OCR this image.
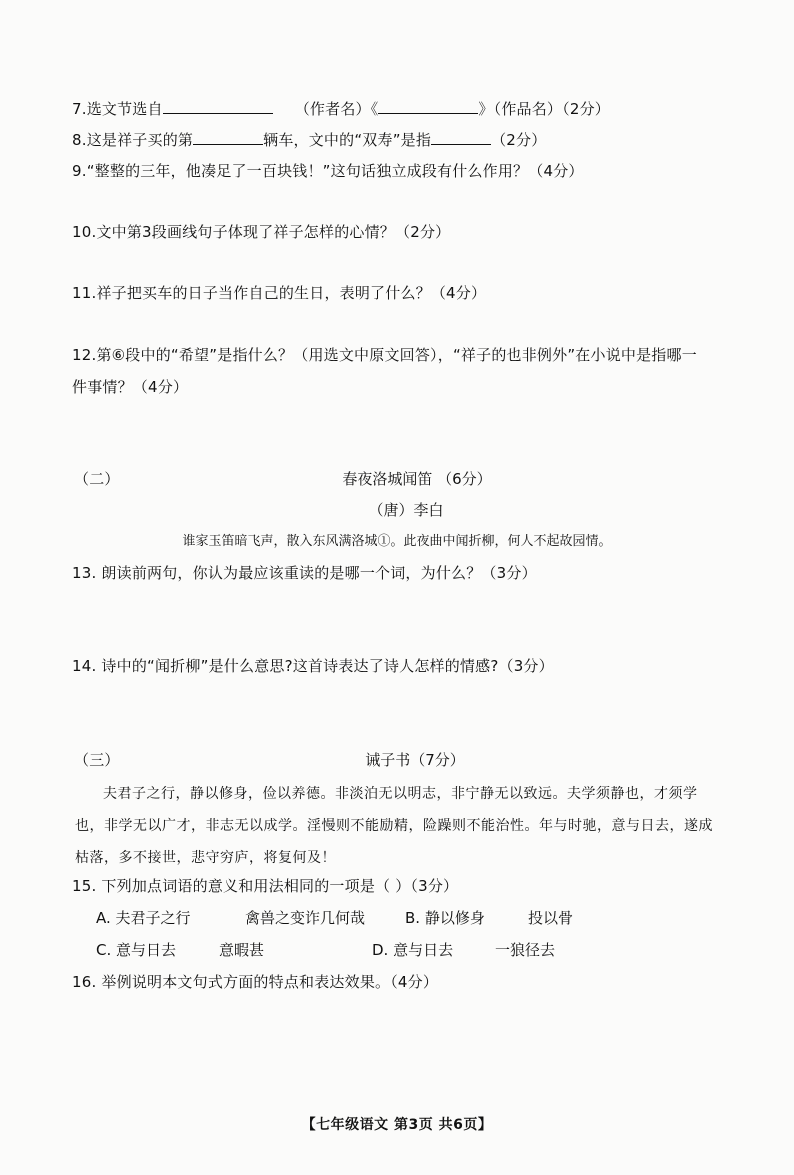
7.选文节选自	（作者名）《	》（作品名）（2分）
8.这是祥子买的第	辆车，文中的“双寿”是指	（2分）
9.“整整的三年，他凑足了一百块钱！”这句话独立成段有什么作用？（4分）
10.文中第3段画线句子体现了祥子怎样的心情？（2分）
11.祥子把买车的日子当作自己的生日，表明了什么？（4分）
12.第⑥段中的“希望”是指什么？（用选文中原文回答），“祥子的也非例外”在小说中是指哪一
件事情？（4分）
（二）	春夜洛城闻笛 （6分）
（唐）李白
谁家玉笛暗飞声，散入东风满洛城①。此夜曲中闻折柳，何人不起故园情。
13. 朗读前两句，你认为最应该重读的是哪一个词，为什么？（3分）
14. 诗中的“闻折柳”是什么意思?这首诗表达了诗人怎样的情感?（3分）
（三）	诫子书（7分）
夫君子之行，静以修身，俭以养德。非淡泊无以明志，非宁静无以致远。夫学须静也，才须学也，非学无以广才，非志无以成学。淫慢则不能励精，险躁则不能治性。年与时驰，意与日去，遂成枯落，多不接世，悲守穷庐，将复何及！
15. 下列加点词语的意义和用法相同的一项是（ ）（3分）
A. 夫君子之行	禽兽之变诈几何哉	B. 静以修身	投以骨
C. 意与日去	意暇甚	D. 意与日去	一狼径去
16. 举例说明本文句式方面的特点和表达效果。（4分）
【七年级语文 第3页 共6页】
